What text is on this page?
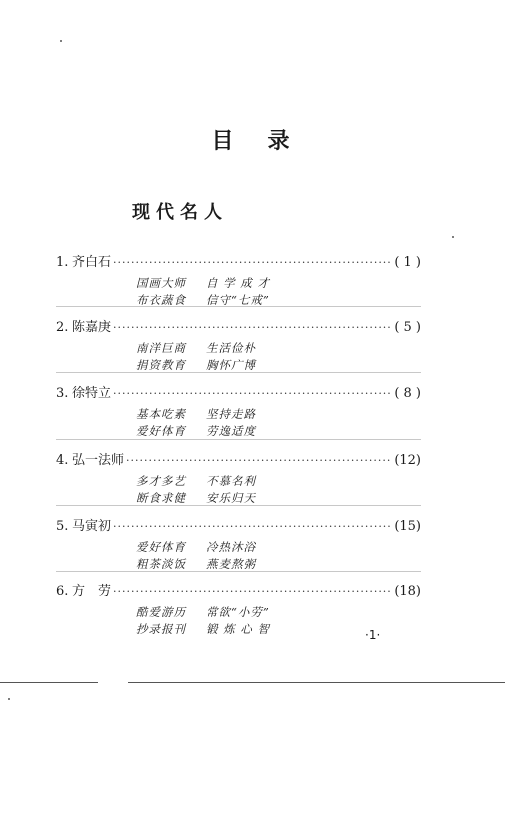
目 录
现代名人
1. 齐白石 ·····	( 1 )
国画大师 自 学 成 才
布衣蔬食 信守“七戒”
2. 陈嘉庚 ·····	( 5 )
南洋巨商 生活俭朴
捐资教育 胸怀广博
3. 徐特立 ·····	( 8 )
基本吃素 坚持走路
爱好体育 劳逸适度
4. 弘一法师 ·····	(12)
多才多艺 不慕名利
断食求健 安乐归天
5. 马寅初 ·····	(15)
爱好体育 冷热沐浴
粗茶淡饭 燕麦熬粥
6. 方　劳 ·····	(18)
酷爱游历 常欲“小劳”
抄录报刊 锻 炼 心 智	·1·
